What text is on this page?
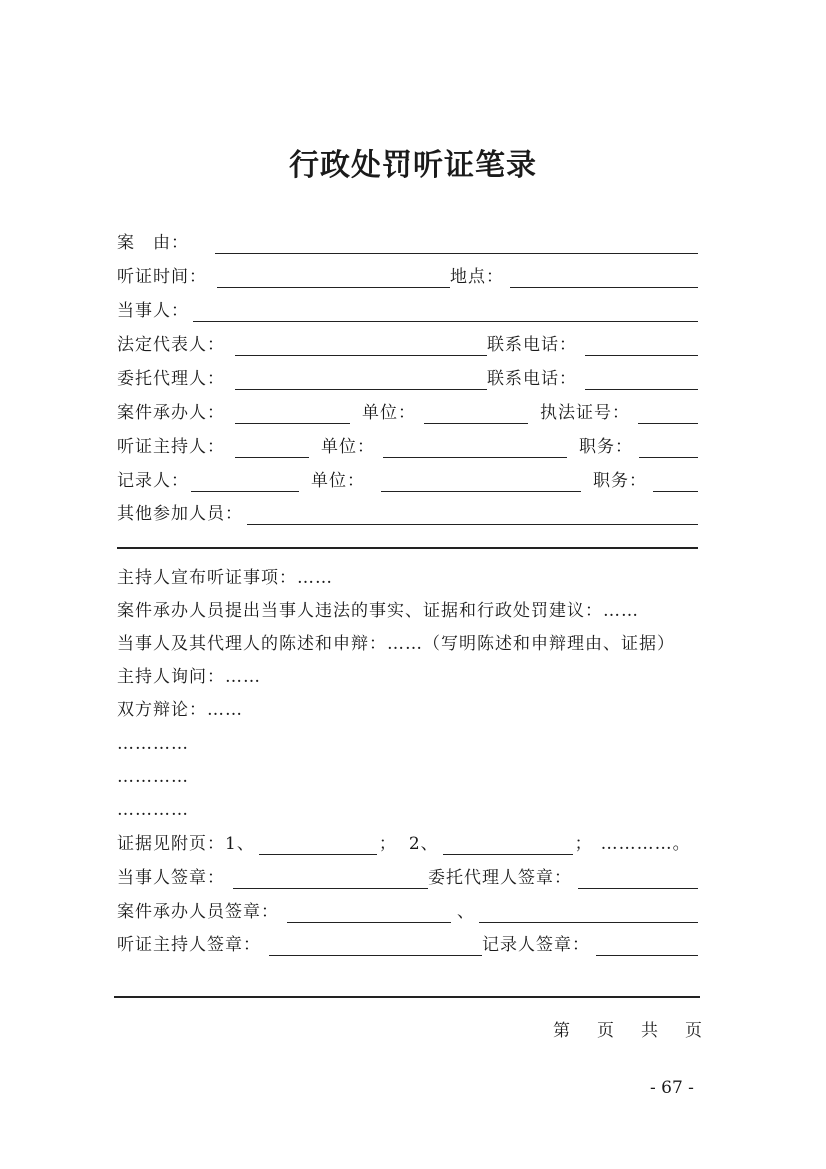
行政处罚听证笔录
案　由：
听证时间：	地点：
当事人：
法定代表人：	联系电话：
委托代理人：	联系电话：
案件承办人：	单位：	执法证号：
听证主持人：	单位：	职务：
记录人：	单位：	职务：
其他参加人员：
主持人宣布听证事项：……
案件承办人员提出当事人违法的事实、证据和行政处罚建议：……
当事人及其代理人的陈述和申辩：……（写明陈述和申辩理由、证据）
主持人询问：……
双方辩论：……
…………
…………
…………
证据见附页：1、	； 2、	； …………。
当事人签章：	委托代理人签章：
案件承办人员签章：	、
听证主持人签章：	记录人签章：
第 页 共 页
- 67 -
